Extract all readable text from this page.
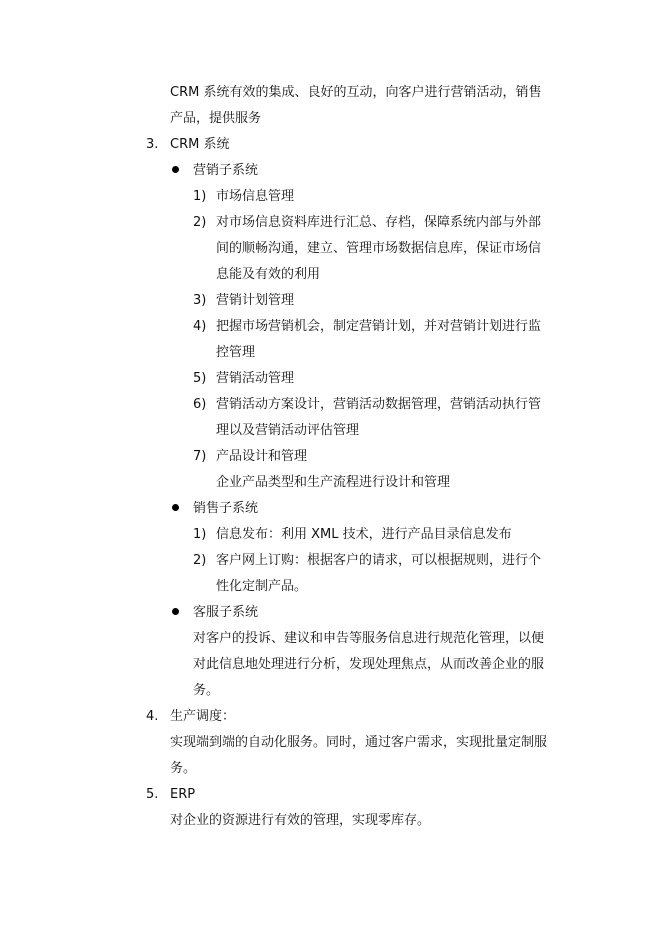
CRM 系统有效的集成、良好的互动，向客户进行营销活动，销售
产品，提供服务
3. CRM 系统
营销子系统
1) 市场信息管理
2) 对市场信息资料库进行汇总、存档，保障系统内部与外部
间的顺畅沟通，建立、管理市场数据信息库，保证市场信
息能及有效的利用
3) 营销计划管理
4) 把握市场营销机会，制定营销计划，并对营销计划进行监
控管理
5) 营销活动管理
6) 营销活动方案设计，营销活动数据管理，营销活动执行管
理以及营销活动评估管理
7) 产品设计和管理
企业产品类型和生产流程进行设计和管理
销售子系统
1) 信息发布：利用 XML 技术，进行产品目录信息发布
2) 客户网上订购：根据客户的请求，可以根据规则，进行个
性化定制产品。
客服子系统
对客户的投诉、建议和申告等服务信息进行规范化管理，以便
对此信息地处理进行分析，发现处理焦点，从而改善企业的服
务。
4. 生产调度：
实现端到端的自动化服务。同时，通过客户需求，实现批量定制服
务。
5. ERP
对企业的资源进行有效的管理，实现零库存。
